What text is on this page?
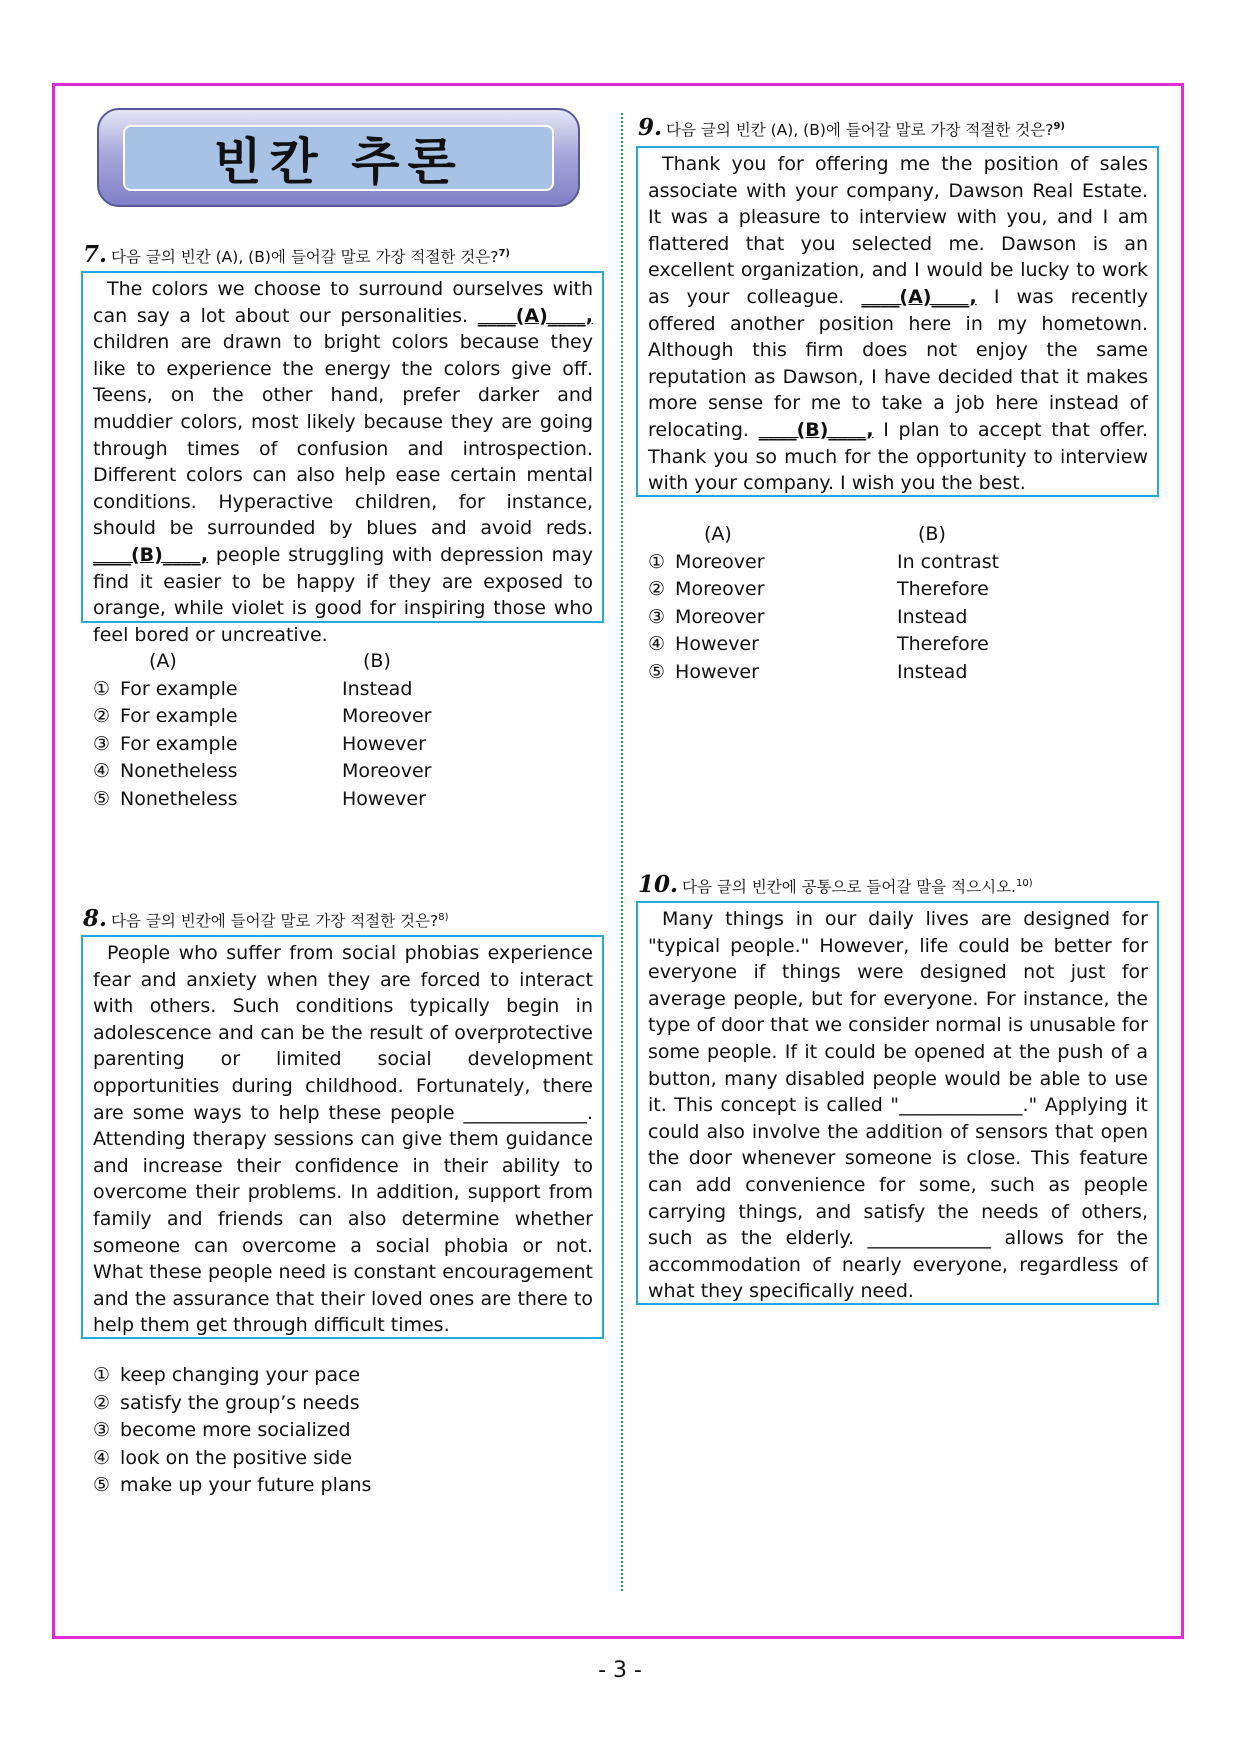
빈칸 추론
7. 다음 글의 빈칸 (A), (B)에 들어갈 말로 가장 적절한 것은?$^{7)}$

The colors we choose to surround ourselves with can say a lot about our personalities. ____(A)____, children are drawn to bright colors because they like to experience the energy the colors give off. Teens, on the other hand, prefer darker and muddier colors, most likely because they are going through times of confusion and introspection. Different colors can also help ease certain mental conditions. Hyperactive children, for instance, should be surrounded by blues and avoid reds. ____(B)____, people struggling with depression may find it easier to be happy if they are exposed to orange, while violet is good for inspiring those who feel bored or uncreative.

(A)	(B)
① For example	Instead
② For example	Moreover
③ For example	However
④ Nonetheless	Moreover
⑤ Nonetheless	However
8. 다음 글의 빈칸에 들어갈 말로 가장 적절한 것은?$^{8)}$

People who suffer from social phobias experience fear and anxiety when they are forced to interact with others. Such conditions typically begin in adolescence and can be the result of overprotective parenting or limited social development opportunities during childhood. Fortunately, there are some ways to help these people _____________. Attending therapy sessions can give them guidance and increase their confidence in their ability to overcome their problems. In addition, support from family and friends can also determine whether someone can overcome a social phobia or not. What these people need is constant encouragement and the assurance that their loved ones are there to help them get through difficult times.

① keep changing your pace
② satisfy the group’s needs
③ become more socialized
④ look on the positive side
⑤ make up your future plans
9. 다음 글의 빈칸 (A), (B)에 들어갈 말로 가장 적절한 것은?$^{9)}$

Thank you for offering me the position of sales associate with your company, Dawson Real Estate. It was a pleasure to interview with you, and I am flattered that you selected me. Dawson is an excellent organization, and I would be lucky to work as your colleague. ____(A)____, I was recently offered another position here in my hometown. Although this firm does not enjoy the same reputation as Dawson, I have decided that it makes more sense for me to take a job here instead of relocating. ____(B)____, I plan to accept that offer. Thank you so much for the opportunity to interview with your company. I wish you the best.

(A)	(B)
① Moreover	In contrast
② Moreover	Therefore
③ Moreover	Instead
④ However	Therefore
⑤ However	Instead
10. 다음 글의 빈칸에 공통으로 들어갈 말을 적으시오.$^{10)}$

Many things in our daily lives are designed for "typical people." However, life could be better for everyone if things were designed not just for average people, but for everyone. For instance, the type of door that we consider normal is unusable for some people. If it could be opened at the push of a button, many disabled people would be able to use it. This concept is called "_____________." Applying it could also involve the addition of sensors that open the door whenever someone is close. This feature can add convenience for some, such as people carrying things, and satisfy the needs of others, such as the elderly. _____________ allows for the accommodation of nearly everyone, regardless of what they specifically need.

- 3 -
